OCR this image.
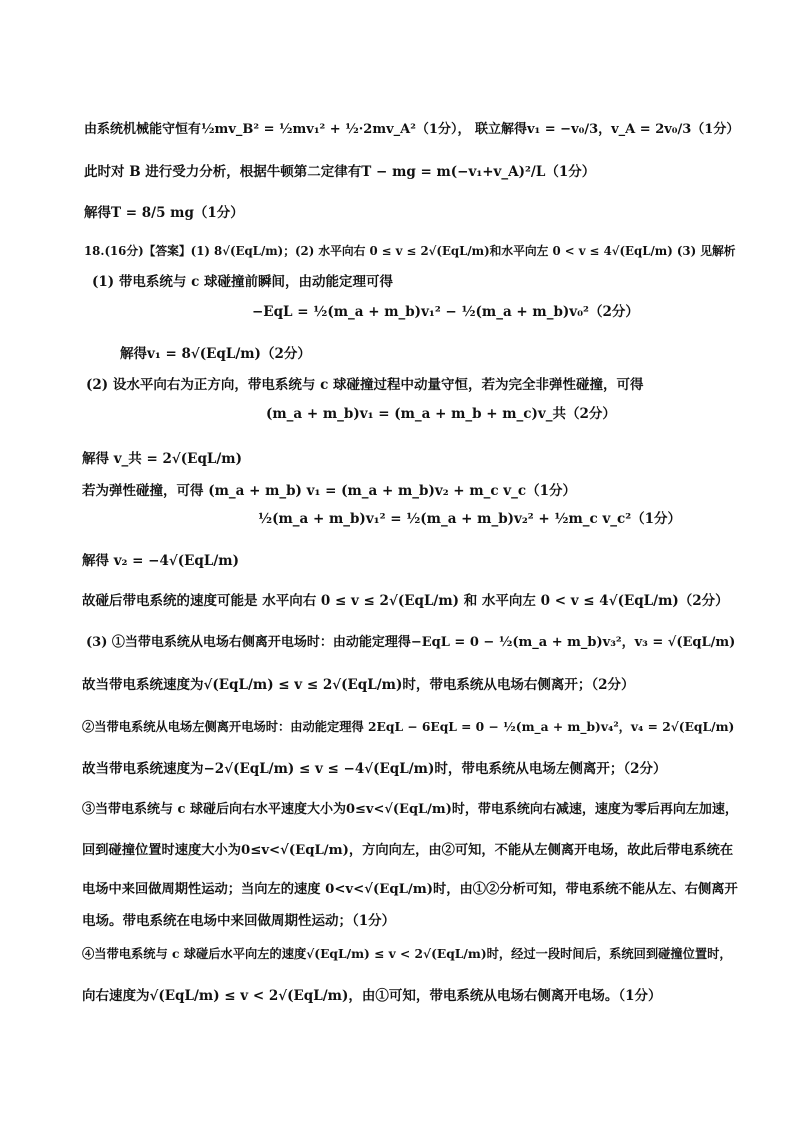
由系统机械能守恒有½mv_B² = ½mv₁² + ½·2mv_A²（1分）， 联立解得v₁ = −v₀/3，v_A = 2v₀/3（1分）
此时对 B 进行受力分析，根据牛顿第二定律有T − mg = m(−v₁+v_A)²/L（1分）
解得T = 8/5 mg（1分）
18.(16分)【答案】(1) 8√(EqL/m)；(2) 水平向右 0 ≤ v ≤ 2√(EqL/m)和水平向左 0 < v ≤ 4√(EqL/m) (3) 见解析
(1) 带电系统与 c 球碰撞前瞬间，由动能定理可得
−EqL = ½(m_a + m_b)v₁² − ½(m_a + m_b)v₀²（2分）
解得v₁ = 8√(EqL/m)（2分）
(2) 设水平向右为正方向，带电系统与 c 球碰撞过程中动量守恒，若为完全非弹性碰撞，可得
(m_a + m_b)v₁ = (m_a + m_b + m_c)v_共（2分）
解得 v_共 = 2√(EqL/m)
若为弹性碰撞，可得 (m_a + m_b) v₁ = (m_a + m_b)v₂ + m_c v_c（1分）
½(m_a + m_b)v₁² = ½(m_a + m_b)v₂² + ½m_c v_c²（1分）
解得 v₂ = −4√(EqL/m)
故碰后带电系统的速度可能是 水平向右 0 ≤ v ≤ 2√(EqL/m) 和 水平向左 0 < v ≤ 4√(EqL/m)（2分）
(3) ①当带电系统从电场右侧离开电场时：由动能定理得−EqL = 0 − ½(m_a + m_b)v₃²，v₃ = √(EqL/m)
故当带电系统速度为√(EqL/m) ≤ v ≤ 2√(EqL/m)时，带电系统从电场右侧离开；（2分）
②当带电系统从电场左侧离开电场时：由动能定理得 2EqL − 6EqL = 0 − ½(m_a + m_b)v₄²，v₄ = 2√(EqL/m)
故当带电系统速度为−2√(EqL/m) ≤ v ≤ −4√(EqL/m)时，带电系统从电场左侧离开；（2分）
③当带电系统与 c 球碰后向右水平速度大小为0≤v<√(EqL/m)时，带电系统向右减速，速度为零后再向左加速，
回到碰撞位置时速度大小为0≤v<√(EqL/m)，方向向左，由②可知，不能从左侧离开电场，故此后带电系统在
电场中来回做周期性运动；当向左的速度 0<v<√(EqL/m)时，由①②分析可知，带电系统不能从左、右侧离开
电场。带电系统在电场中来回做周期性运动；（1分）
④当带电系统与 c 球碰后水平向左的速度√(EqL/m) ≤ v < 2√(EqL/m)时，经过一段时间后，系统回到碰撞位置时，
向右速度为√(EqL/m) ≤ v < 2√(EqL/m)，由①可知，带电系统从电场右侧离开电场。（1分）
